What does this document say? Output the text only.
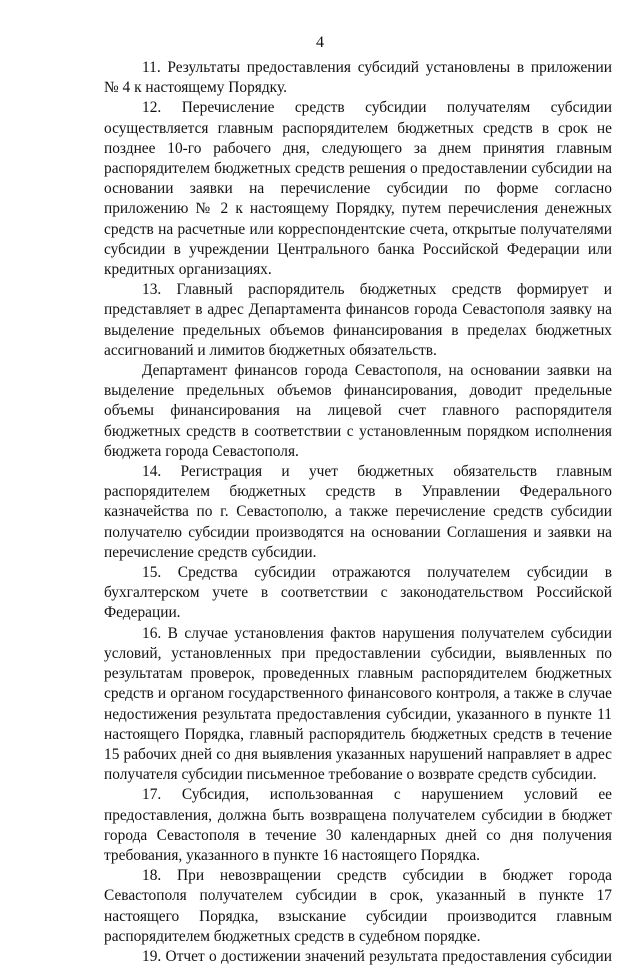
4

11. Результаты предоставления субсидий установлены в приложении № 4 к настоящему Порядку.

12. Перечисление средств субсидии получателям субсидии осуществляется главным распорядителем бюджетных средств в срок не позднее 10-го рабочего дня, следующего за днем принятия главным распорядителем бюджетных средств решения о предоставлении субсидии на основании заявки на перечисление субсидии по форме согласно приложению № 2 к настоящему Порядку, путем перечисления денежных средств на расчетные или корреспондентские счета, открытые получателями субсидии в учреждении Центрального банка Российской Федерации или кредитных организациях.

13. Главный распорядитель бюджетных средств формирует и представляет в адрес Департамента финансов города Севастополя заявку на выделение предельных объемов финансирования в пределах бюджетных ассигнований и лимитов бюджетных обязательств.

Департамент финансов города Севастополя, на основании заявки на выделение предельных объемов финансирования, доводит предельные объемы финансирования на лицевой счет главного распорядителя бюджетных средств в соответствии с установленным порядком исполнения бюджета города Севастополя.

14. Регистрация и учет бюджетных обязательств главным распорядителем бюджетных средств в Управлении Федерального казначейства по г. Севастополю, а также перечисление средств субсидии получателю субсидии производятся на основании Соглашения и заявки на перечисление средств субсидии.

15. Средства субсидии отражаются получателем субсидии в бухгалтерском учете в соответствии с законодательством Российской Федерации.

16. В случае установления фактов нарушения получателем субсидии условий, установленных при предоставлении субсидии, выявленных по результатам проверок, проведенных главным распорядителем бюджетных средств и органом государственного финансового контроля, а также в случае недостижения результата предоставления субсидии, указанного в пункте 11 настоящего Порядка, главный распорядитель бюджетных средств в течение 15 рабочих дней со дня выявления указанных нарушений направляет в адрес получателя субсидии письменное требование о возврате средств субсидии.

17. Субсидия, использованная с нарушением условий ее предоставления, должна быть возвращена получателем субсидии в бюджет города Севастополя в течение 30 календарных дней со дня получения требования, указанного в пункте 16 настоящего Порядка.

18. При невозвращении средств субсидии в бюджет города Севастополя получателем субсидии в срок, указанный в пункте 17 настоящего Порядка, взыскание субсидии производится главным распорядителем бюджетных средств в судебном порядке.

19. Отчет о достижении значений результата предоставления субсидии
